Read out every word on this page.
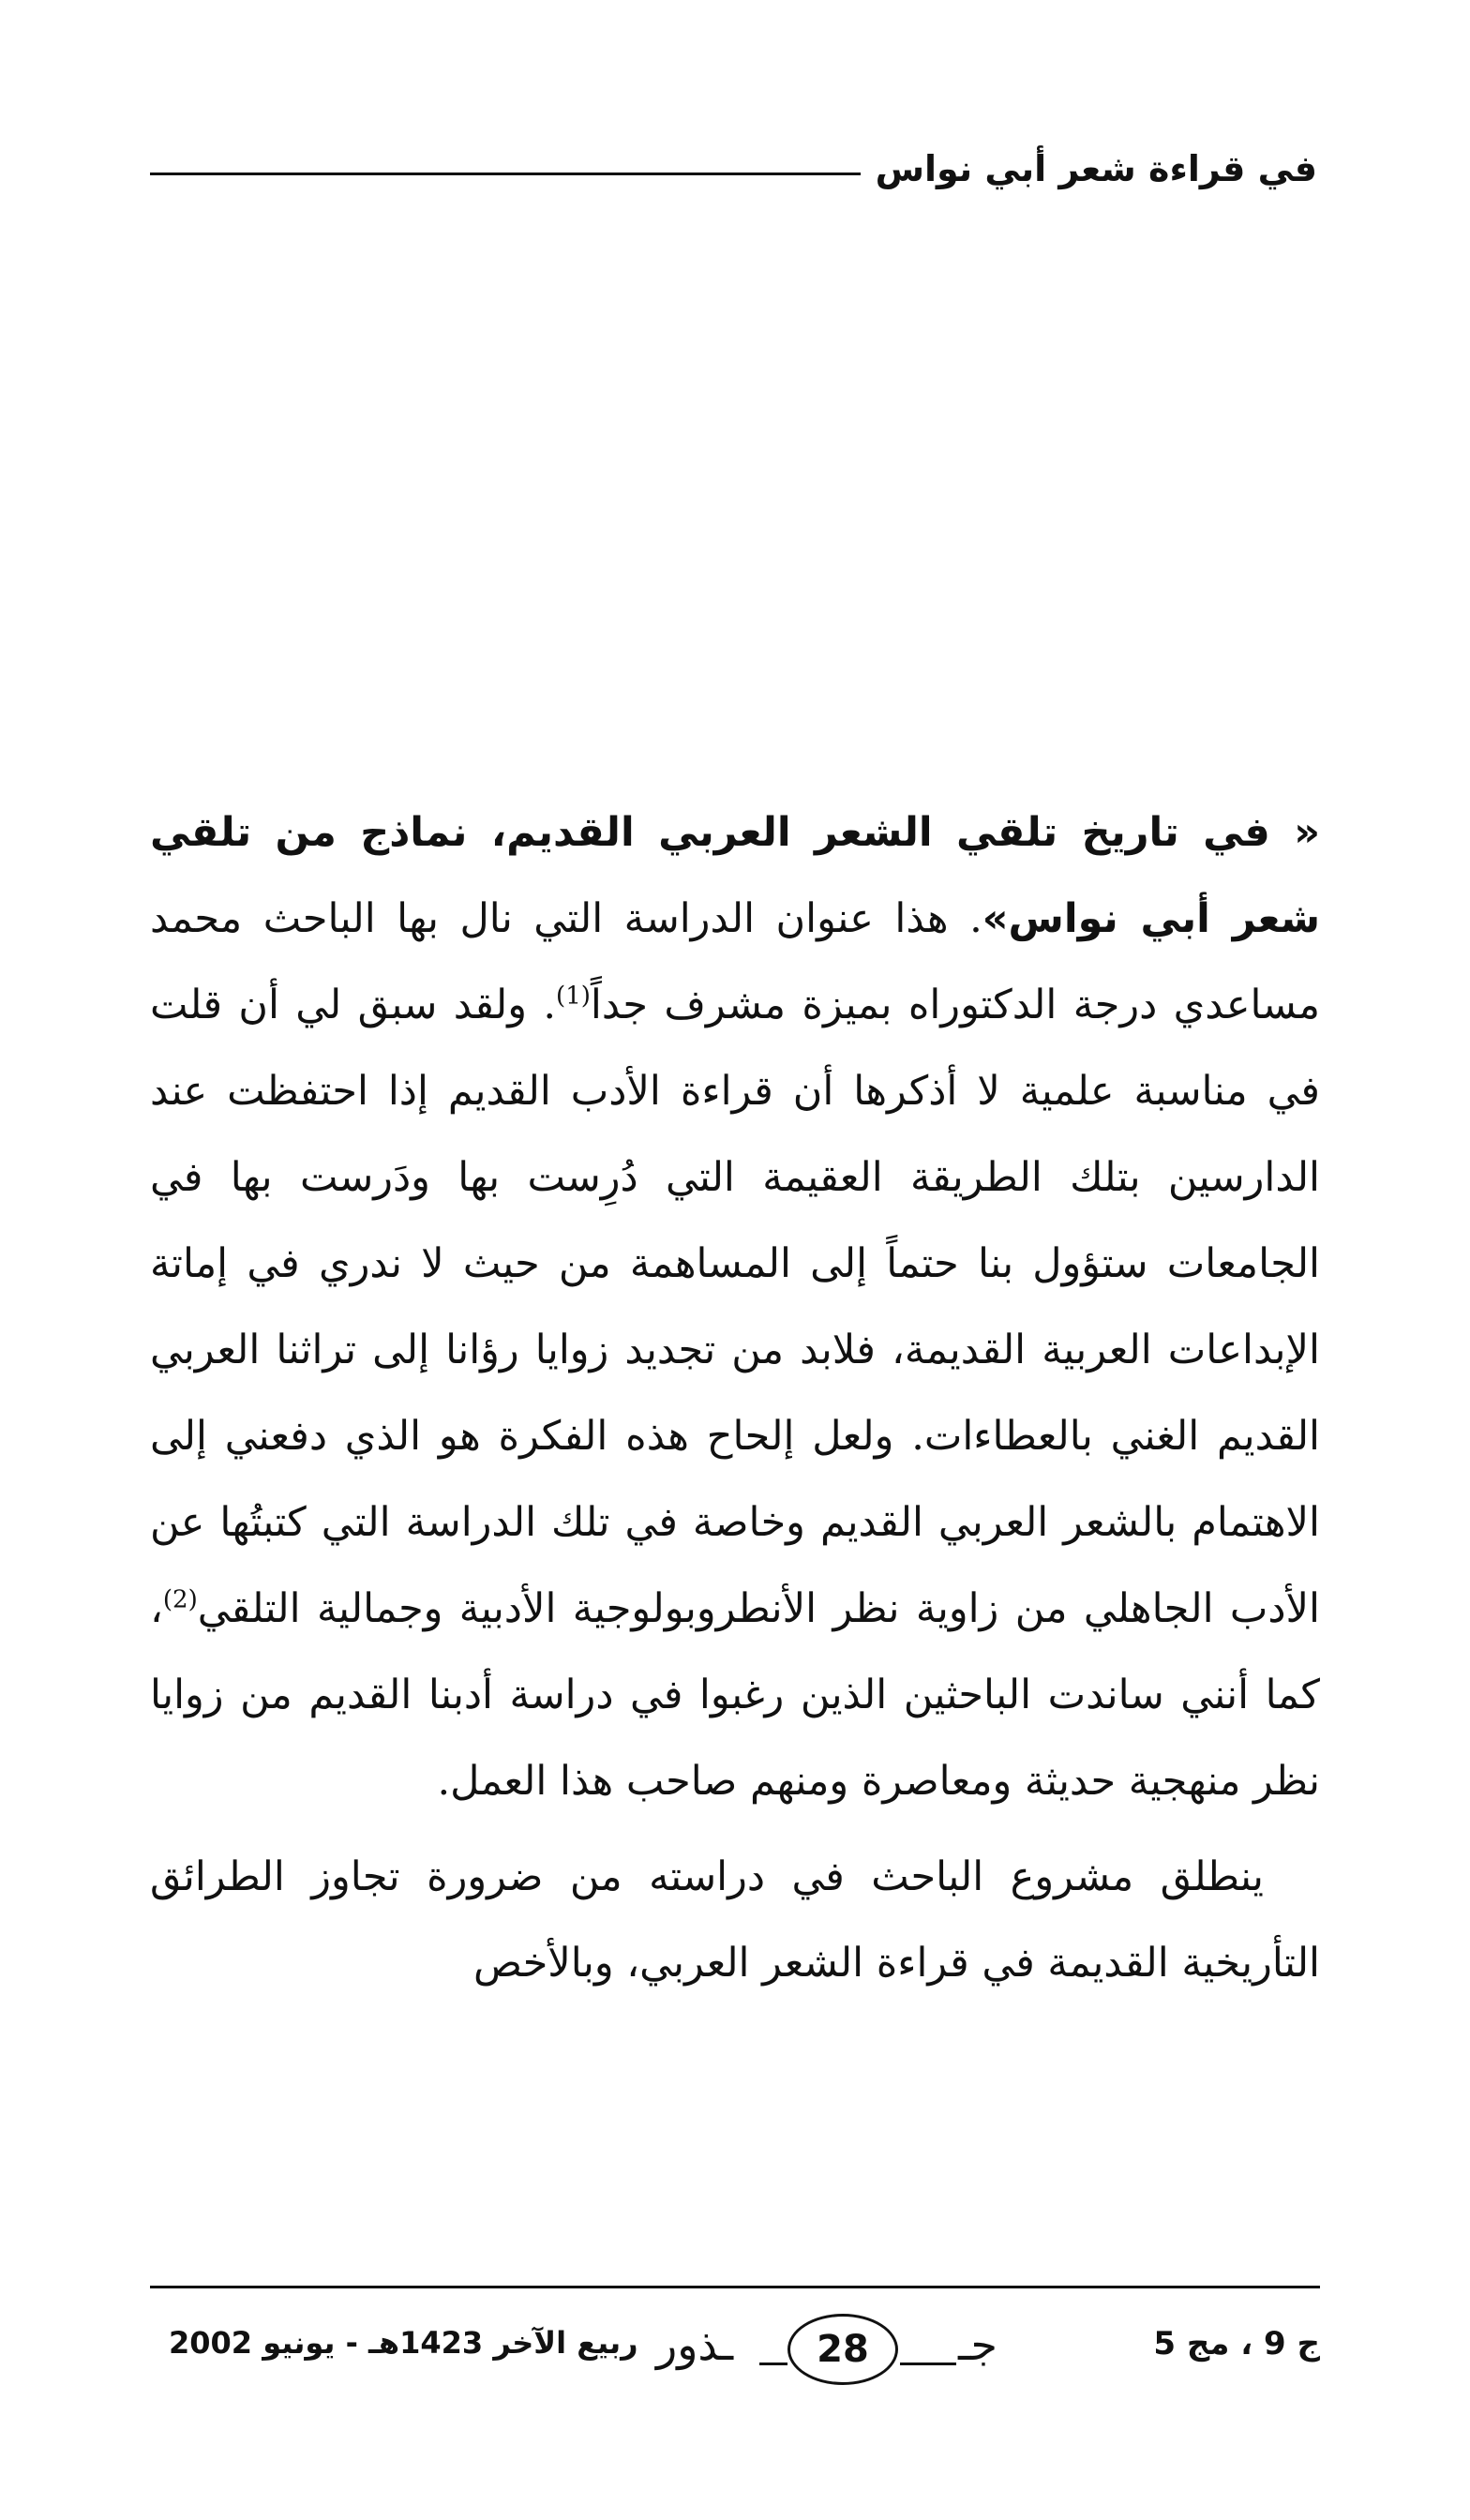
في قراءة شعر أبي نواس

« في تاريخ تلقي الشعر العربي القديم، نماذج من تلقي شعر أبي نواس». هذا عنوان الدراسة التي نال بها الباحث محمد مساعدي درجة الدكتوراه بميزة مشرف جداً$^{(1)}$. ولقد سبق لي أن قلت في مناسبة علمية لا أذكرها أن قراءة الأدب القديم إذا احتفظت عند الدارسين بتلك الطريقة العقيمة التي دُرِست بها ودَرست بها في الجامعات ستؤول بنا حتماً إلى المساهمة من حيث لا ندري في إماتة الإبداعات العربية القديمة، فلابد من تجديد زوايا رؤانا إلى تراثنا العربي القديم الغني بالعطاءات. ولعل إلحاح هذه الفكرة هو الذي دفعني إلى الاهتمام بالشعر العربي القديم وخاصة في تلك الدراسة التي كتبتُها عن الأدب الجاهلي من زاوية نظر الأنطروبولوجية الأدبية وجمالية التلقي$^{(2)}$، كما أنني ساندت الباحثين الذين رغبوا في دراسة أدبنا القديم من زوايا نظر منهجية حديثة ومعاصرة ومنهم صاحب هذا العمل.

ينطلق مشروع الباحث في دراسته من ضرورة تجاوز الطرائق التأريخية القديمة في قراءة الشعر العربي، وبالأخص

ج 9 ، مج 5
ـذور	28	جـ
ربيع الآخر 1423هـ - يونيو 2002
